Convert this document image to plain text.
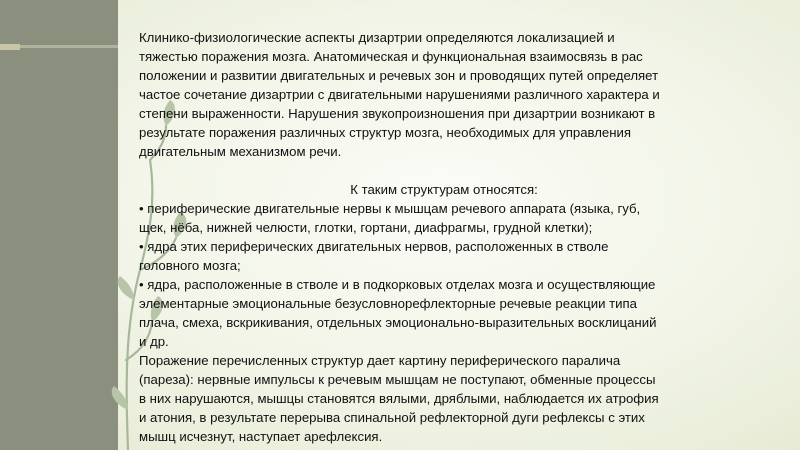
Клинико-физиологические аспекты дизартрии определяются локализацией и
тяжестью поражения мозга. Анатомическая и функциональная взаимосвязь в рас
положении и развитии двигательных и речевых зон и проводящих путей определяет
частое сочетание дизартрии с двигательными нарушениями различного характера и
степени выраженности. Нарушения звукопроизношения при дизартрии возникают в
результате поражения различных структур мозга, необходимых для управления
двигательным механизмом речи.

К таким структурам относятся:

• периферические двигательные нервы к мышцам речевого аппарата (языка, губ,
щек, нёба, нижней челюсти, глотки, гортани, диафрагмы, грудной клетки);

• ядра этих периферических двигательных нервов, расположенных в стволе
головного мозга;

• ядра, расположенные в стволе и в подкорковых отделах мозга и осуществляющие
элементарные эмоциональные безусловнорефлекторные речевые реакции типа
плача, смеха, вскрикивания, отдельных эмоционально-выразительных восклицаний
и др.

Поражение перечисленных структур дает картину периферического паралича
(пареза): нервные импульсы к речевым мышцам не поступают, обменные процессы
в них нарушаются, мышцы становятся вялыми, дряблыми, наблюдается их атрофия
и атония, в результате перерыва спинальной рефлекторной дуги рефлексы с этих
мышц исчезнут, наступает арефлексия.
